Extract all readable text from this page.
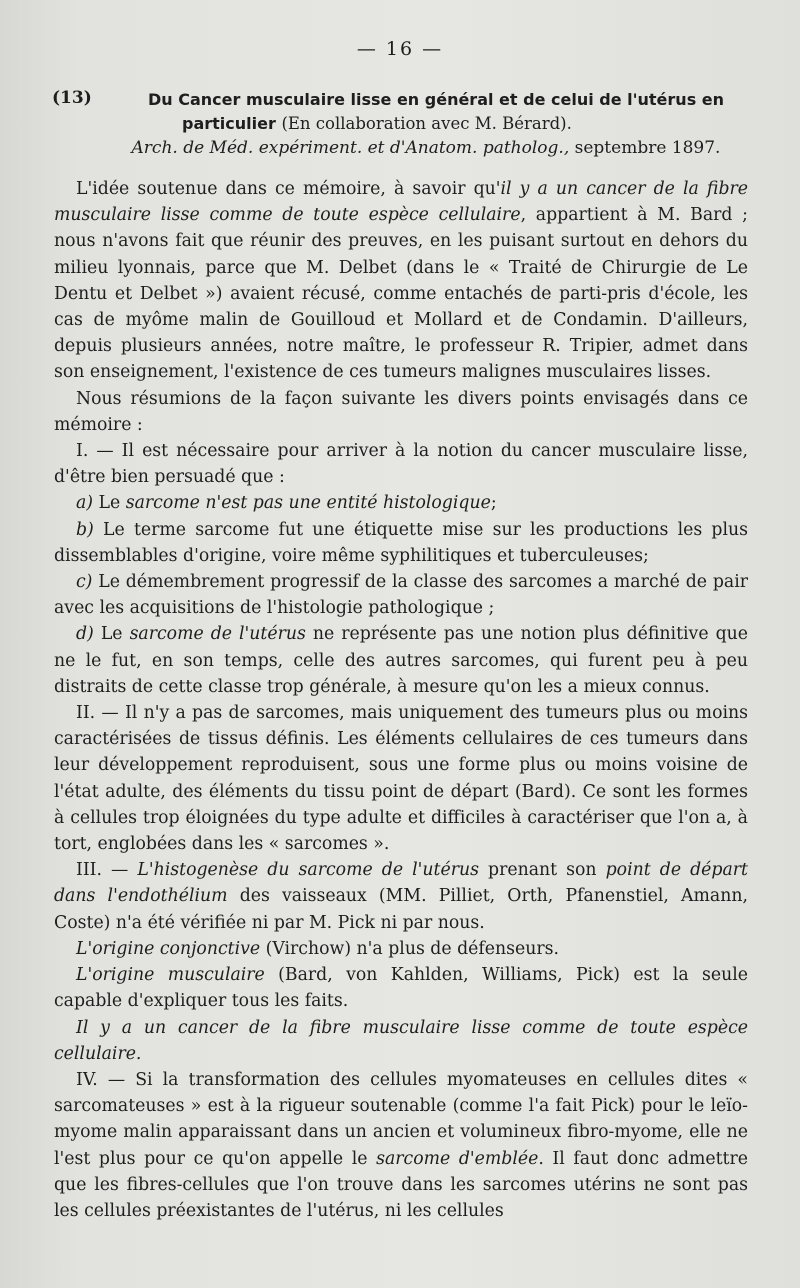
— 16 —
(13)	Du Cancer musculaire lisse en général et de celui de l'utérus en
particulier (En collaboration avec M. Bérard).
Arch. de Méd. expériment. et d'Anatom. patholog., septembre 1897.

L'idée soutenue dans ce mémoire, à savoir qu'il y a un cancer de la fibre musculaire lisse comme de toute espèce cellulaire, appartient à M. Bard ; nous n'avons fait que réunir des preuves, en les puisant surtout en dehors du milieu lyonnais, parce que M. Delbet (dans le « Traité de Chirurgie de Le Dentu et Delbet ») avaient récusé, comme entachés de parti-pris d'école, les cas de myôme malin de Gouilloud et Mollard et de Condamin. D'ailleurs, depuis plusieurs années, notre maître, le professeur R. Tripier, admet dans son enseignement, l'existence de ces tumeurs malignes musculaires lisses.

Nous résumions de la façon suivante les divers points envisagés dans ce mémoire :

I. — Il est nécessaire pour arriver à la notion du cancer musculaire lisse, d'être bien persuadé que :

a) Le sarcome n'est pas une entité histologique;

b) Le terme sarcome fut une étiquette mise sur les productions les plus dissemblables d'origine, voire même syphilitiques et tuberculeuses;

c) Le démembrement progressif de la classe des sarcomes a marché de pair avec les acquisitions de l'histologie pathologique ;

d) Le sarcome de l'utérus ne représente pas une notion plus définitive que ne le fut, en son temps, celle des autres sarcomes, qui furent peu à peu distraits de cette classe trop générale, à mesure qu'on les a mieux connus.

II. — Il n'y a pas de sarcomes, mais uniquement des tumeurs plus ou moins caractérisées de tissus définis. Les éléments cellulaires de ces tumeurs dans leur développement reproduisent, sous une forme plus ou moins voisine de l'état adulte, des éléments du tissu point de départ (Bard). Ce sont les formes à cellules trop éloignées du type adulte et difficiles à caractériser que l'on a, à tort, englobées dans les « sarcomes ».

III. — L'histogenèse du sarcome de l'utérus prenant son point de départ dans l'endothélium des vaisseaux (MM. Pilliet, Orth, Pfanenstiel, Amann, Coste) n'a été vérifiée ni par M. Pick ni par nous.

L'origine conjonctive (Virchow) n'a plus de défenseurs.

L'origine musculaire (Bard, von Kahlden, Williams, Pick) est la seule capable d'expliquer tous les faits.

Il y a un cancer de la fibre musculaire lisse comme de toute espèce cellulaire.

IV. — Si la transformation des cellules myomateuses en cellules dites « sarcomateuses » est à la rigueur soutenable (comme l'a fait Pick) pour le leïo-myome malin apparaissant dans un ancien et volumineux fibro-myome, elle ne l'est plus pour ce qu'on appelle le sarcome d'emblée. Il faut donc admettre que les fibres-cellules que l'on trouve dans les sarcomes utérins ne sont pas les cellules préexistantes de l'utérus, ni les cellules
